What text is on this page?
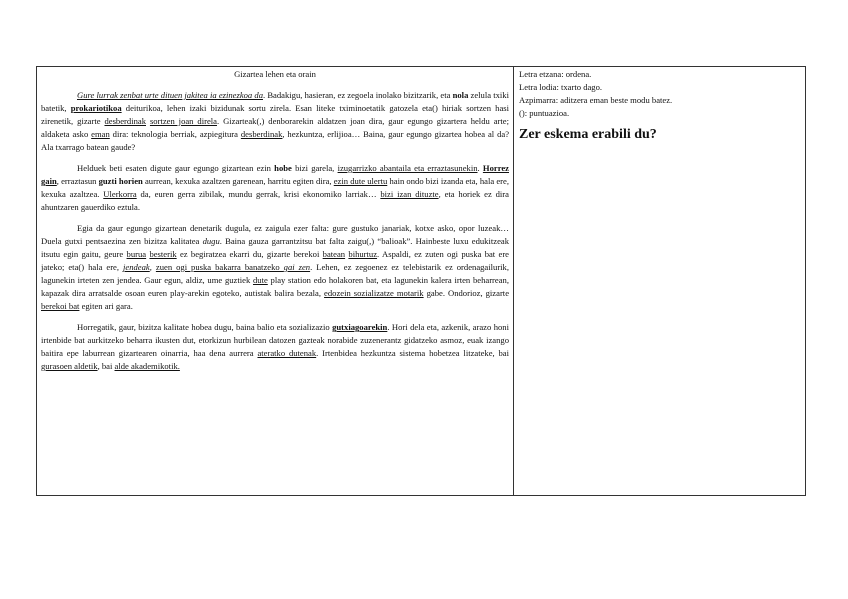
Gizartea lehen eta orain

Gure lurrak zenbat urte dituen jakitea ia ezinezkoa da. Badakigu, hasieran, ez zegoela inolako bizitzarik, eta nola zelula txiki batetik, prokariotikoa deiturikoa, lehen izaki bizidunak sortu zirela. Esan liteke tximinoetatik gatozela eta() hiriak sortzen hasi zirenetik, gizarte desberdinak sortzen joan direla. Gizarteak(,) denborarekin aldatzen joan dira, gaur egungo gizartera heldu arte; aldaketa asko eman dira: teknologia berriak, azpiegitura desberdinak, hezkuntza, erlijioa… Baina, gaur egungo gizartea hobea al da? Ala txarrago batean gaude?

Helduek beti esaten digute gaur egungo gizartean ezin hobe bizi garela, izugarrizko abantaila eta erraztasunekin. Horrez gain, erraztasun guzti horien aurrean, kexuka azaltzen garenean, harritu egiten dira, ezin dute ulertu hain ondo bizi izanda eta, hala ere, kexuka azaltzea. Ulerkorra da, euren gerra zibilak, mundu gerrak, krisi ekonomiko larriak… bizi izan dituzte, eta horiek ez dira ahuntzaren gauerdiko eztula.

Egia da gaur egungo gizartean denetarik dugula, ez zaigula ezer falta: gure gustuko janariak, kotxe asko, opor luzeak… Duela gutxi pentsaezina zen bizitza kalitatea dugu. Baina gauza garrantzitsu bat falta zaigu(,) “balioak”. Hainbeste luxu edukitzeak itsutu egin gaitu, geure burua besterik ez begiratzea ekarri du, gizarte berekoi batean bihurtuz. Aspaldi, ez zuten ogi puska bat ere jateko; eta() hala ere, jendeak, zuen ogi puska bakarra banatzeko gai zen. Lehen, ez zegoenez ez telebistarik ez ordenagailurik, lagunekin irteten zen jendea. Gaur egun, aldiz, ume guztiek dute play station edo holakoren bat, eta lagunekin kalera irten beharrean, kapazak dira arratsalde osoan euren play-arekin egoteko, autistak balira bezala, edozein sozializatze motarik gabe. Ondorioz, gizarte berekoi bat egiten ari gara.

Horregatik, gaur, bizitza kalitate hobea dugu, baina balio eta sozializazio gutxiagoarekin. Hori dela eta, azkenik, arazo honi irtenbide bat aurkitzeko beharra ikusten dut, etorkizun hurbilean datozen gazteak norabide zuzenerantz gidatzeko asmoz, euak izango baitira epe laburrean gizartearen oinarria, haa dena aurrera ateratko dutenak. Irtenbidea hezkuntza sistema hobetzea litzateke, bai gurasoen aldetik, bai alde akademikotik.

Letra etzana: ordena.
Letra lodia: txarto dago.
Azpimarra: aditzera eman beste modu batez.
(): puntuazioa.
Zer eskema erabili du?
